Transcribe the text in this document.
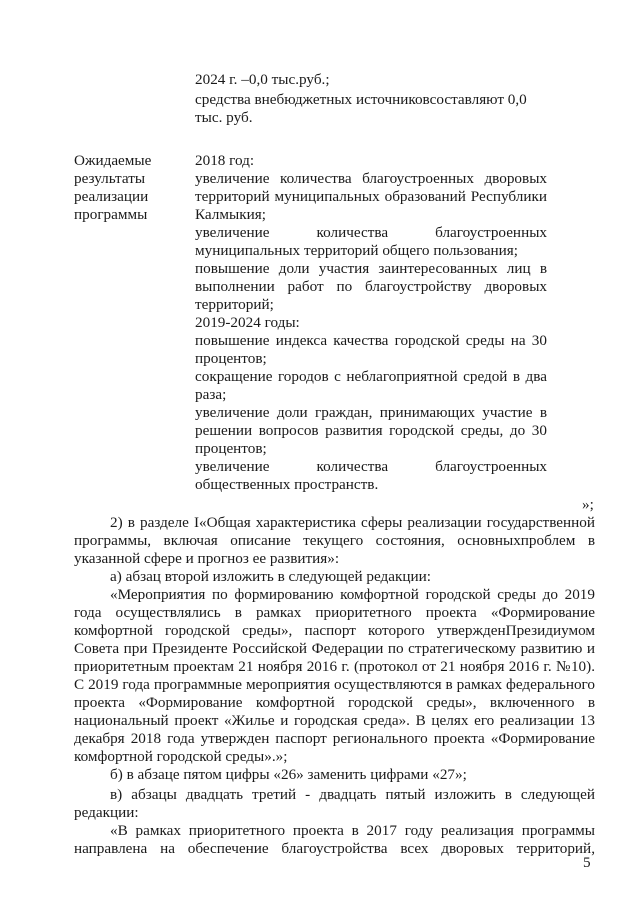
2024 г. –0,0 тыс.руб.;
средства внебюджетных источниковсоставляют 0,0
тыс. руб.
Ожидаемые
результаты
реализации
программы
2018 год:
увеличение количества благоустроенных дворовых
территорий муниципальных образований Республики
Калмыкия;
увеличение количества благоустроенных
муниципальных территорий общего пользования;
повышение доли участия заинтересованных лиц в
выполнении работ по благоустройству дворовых
территорий;
2019-2024 годы:
повышение индекса качества городской среды на 30
процентов;
сокращение городов с неблагоприятной средой в два
раза;
увеличение доли граждан, принимающих участие в
решении вопросов развития городской среды, до 30
процентов;
увеличение количества благоустроенных
общественных пространств.
»;
2) в разделе I«Общая характеристика сферы реализации государственной
программы, включая описание текущего состояния, основныхпроблем в
указанной сфере и прогноз ее развития»:
а) абзац второй изложить в следующей редакции:
«Мероприятия по формированию комфортной городской среды до 2019
года осуществлялись в рамках приоритетного проекта «Формирование
комфортной городской среды», паспорт которого утвержденПрезидиумом
Совета при Президенте Российской Федерации по стратегическому развитию и
приоритетным проектам 21 ноября 2016 г. (протокол от 21 ноября 2016 г. №10).
С 2019 года программные мероприятия осуществляются в рамках федерального
проекта «Формирование комфортной городской среды», включенного в
национальный проект «Жилье и городская среда». В целях его реализации 13
декабря 2018 года утвержден паспорт регионального проекта «Формирование
комфортной городской среды».»;
б) в абзаце пятом цифры «26» заменить цифрами «27»;
в) абзацы двадцать третий - двадцать пятый изложить в следующей
редакции:
«В рамках приоритетного проекта в 2017 году реализация программы
направлена на обеспечение благоустройства всех дворовых территорий,
5
